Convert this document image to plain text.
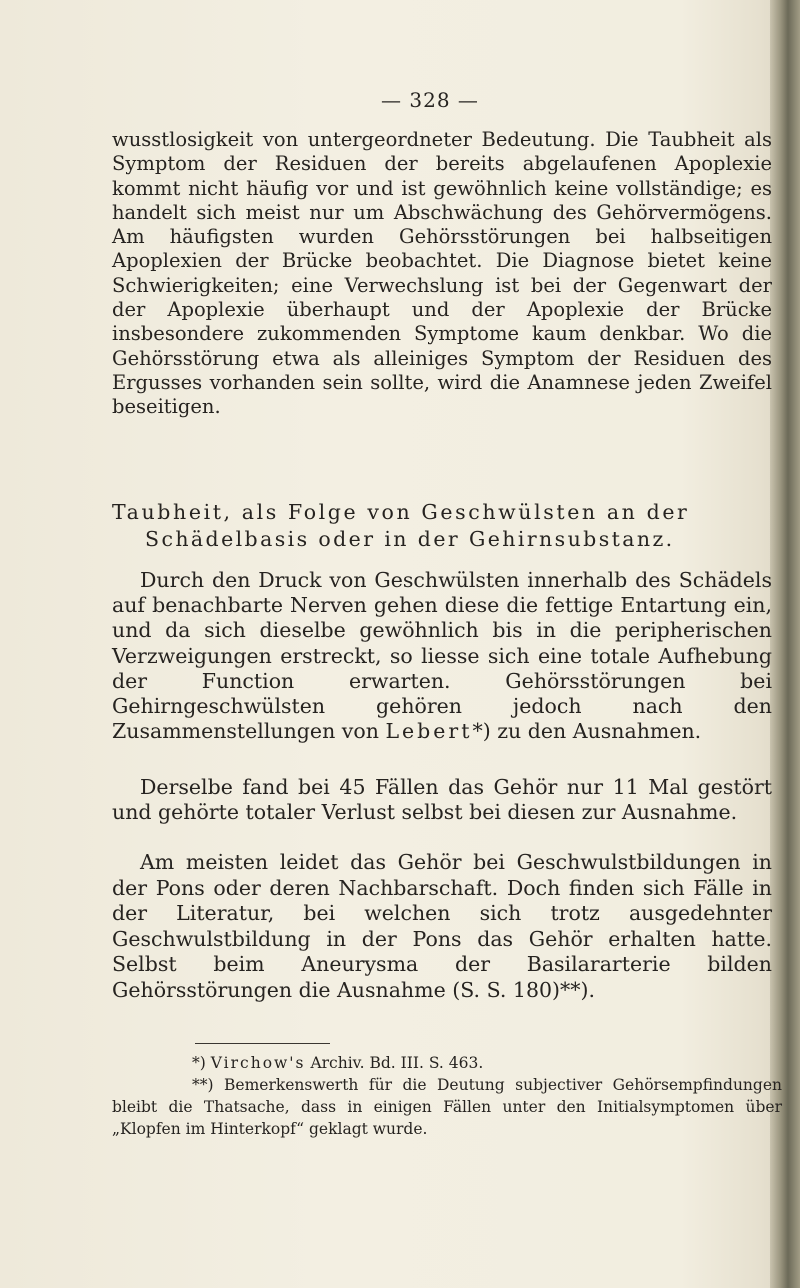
— 328 —

wusstlosigkeit von untergeordneter Bedeutung. Die Taubheit als Symptom der Residuen der bereits abgelaufenen Apoplexie kommt nicht häufig vor und ist gewöhnlich keine vollständige; es handelt sich meist nur um Abschwächung des Gehörvermögens. Am häufigsten wurden Gehörsstörungen bei halbseitigen Apoplexien der Brücke beobachtet. Die Diagnose bietet keine Schwierigkeiten; eine Verwechslung ist bei der Gegenwart der der Apoplexie überhaupt und der Apoplexie der Brücke insbesondere zukommenden Symptome kaum denkbar. Wo die Gehörsstörung etwa als alleiniges Symptom der Residuen des Ergusses vorhanden sein sollte, wird die Anamnese jeden Zweifel beseitigen.

Taubheit, als Folge von Geschwülsten an der
Schädelbasis oder in der Gehirnsubstanz.

Durch den Druck von Geschwülsten innerhalb des Schädels auf benachbarte Nerven gehen diese die fettige Entartung ein, und da sich dieselbe gewöhnlich bis in die peripherischen Verzweigungen erstreckt, so liesse sich eine totale Aufhebung der Function erwarten. Gehörsstörungen bei Gehirngeschwülsten gehören jedoch nach den Zusammenstellungen von Lebert*) zu den Ausnahmen.

Derselbe fand bei 45 Fällen das Gehör nur 11 Mal gestört und gehörte totaler Verlust selbst bei diesen zur Ausnahme.

Am meisten leidet das Gehör bei Geschwulstbildungen in der Pons oder deren Nachbarschaft. Doch finden sich Fälle in der Literatur, bei welchen sich trotz ausgedehnter Geschwulstbildung in der Pons das Gehör erhalten hatte. Selbst beim Aneurysma der Basilararterie bilden Gehörsstörungen die Ausnahme (S. S. 180)**).

*) Virchow's Archiv. Bd. III. S. 463.
**) Bemerkenswerth für die Deutung subjectiver Gehörsempfindungen bleibt die Thatsache, dass in einigen Fällen unter den Initialsymptomen über „Klopfen im Hinterkopf“ geklagt wurde.
